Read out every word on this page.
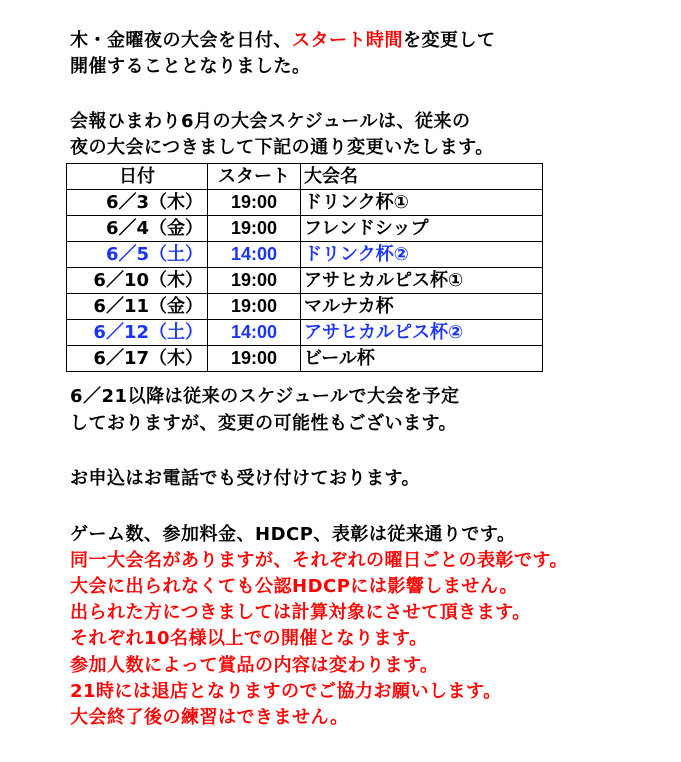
木・金曜夜の大会を日付、スタート時間を変更して
開催することとなりました。
会報ひまわり6月の大会スケジュールは、従来の
夜の大会につきまして下記の通り変更いたします。
日付	スタート	大会名
6／3（木）	19:00	ドリンク杯①
6／4（金）	19:00	フレンドシップ
6／5（土）	14:00	ドリンク杯②
6／10（木）	19:00	アサヒカルピス杯①
6／11（金）	19:00	マルナカ杯
6／12（土）	14:00	アサヒカルピス杯②
6／17（木）	19:00	ビール杯
6／21以降は従来のスケジュールで大会を予定
しておりますが、変更の可能性もございます。
お申込はお電話でも受け付けております。
ゲーム数、参加料金、HDCP、表彰は従来通りです。
同一大会名がありますが、それぞれの曜日ごとの表彰です。
大会に出られなくても公認HDCPには影響しません。
出られた方につきましては計算対象にさせて頂きます。
それぞれ10名様以上での開催となります。
参加人数によって賞品の内容は変わります。
21時には退店となりますのでご協力お願いします。
大会終了後の練習はできません。
